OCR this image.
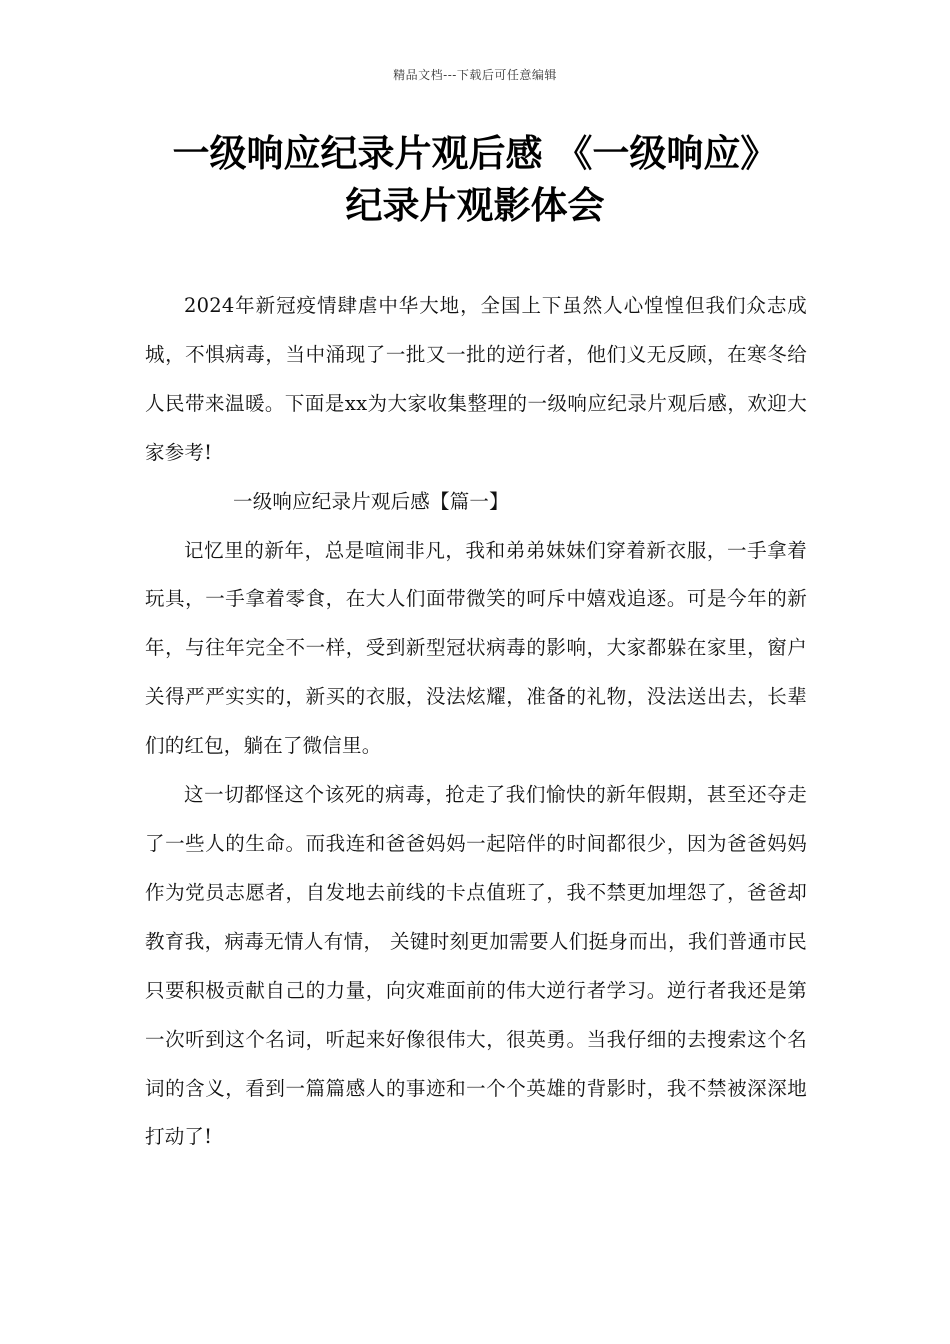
精品文档---下载后可任意编辑
一级响应纪录片观后感 《一级响应》
纪录片观影体会

2024年新冠疫情肆虐中华大地，全国上下虽然人心惶惶但我们众志成城，不惧病毒，当中涌现了一批又一批的逆行者，他们义无反顾，在寒冬给人民带来温暖。下面是xx为大家收集整理的一级响应纪录片观后感，欢迎大家参考!

一级响应纪录片观后感【篇一】

记忆里的新年，总是喧闹非凡，我和弟弟妹妹们穿着新衣服，一手拿着玩具，一手拿着零食，在大人们面带微笑的呵斥中嬉戏追逐。可是今年的新年，与往年完全不一样，受到新型冠状病毒的影响，大家都躲在家里，窗户关得严严实实的，新买的衣服，没法炫耀，准备的礼物，没法送出去，长辈们的红包，躺在了微信里。

这一切都怪这个该死的病毒，抢走了我们愉快的新年假期，甚至还夺走了一些人的生命。而我连和爸爸妈妈一起陪伴的时间都很少，因为爸爸妈妈作为党员志愿者，自发地去前线的卡点值班了，我不禁更加埋怨了，爸爸却教育我，病毒无情人有情， 关键时刻更加需要人们挺身而出，我们普通市民只要积极贡献自己的力量，向灾难面前的伟大逆行者学习。逆行者我还是第一次听到这个名词，听起来好像很伟大，很英勇。当我仔细的去搜索这个名词的含义，看到一篇篇感人的事迹和一个个英雄的背影时，我不禁被深深地打动了!
